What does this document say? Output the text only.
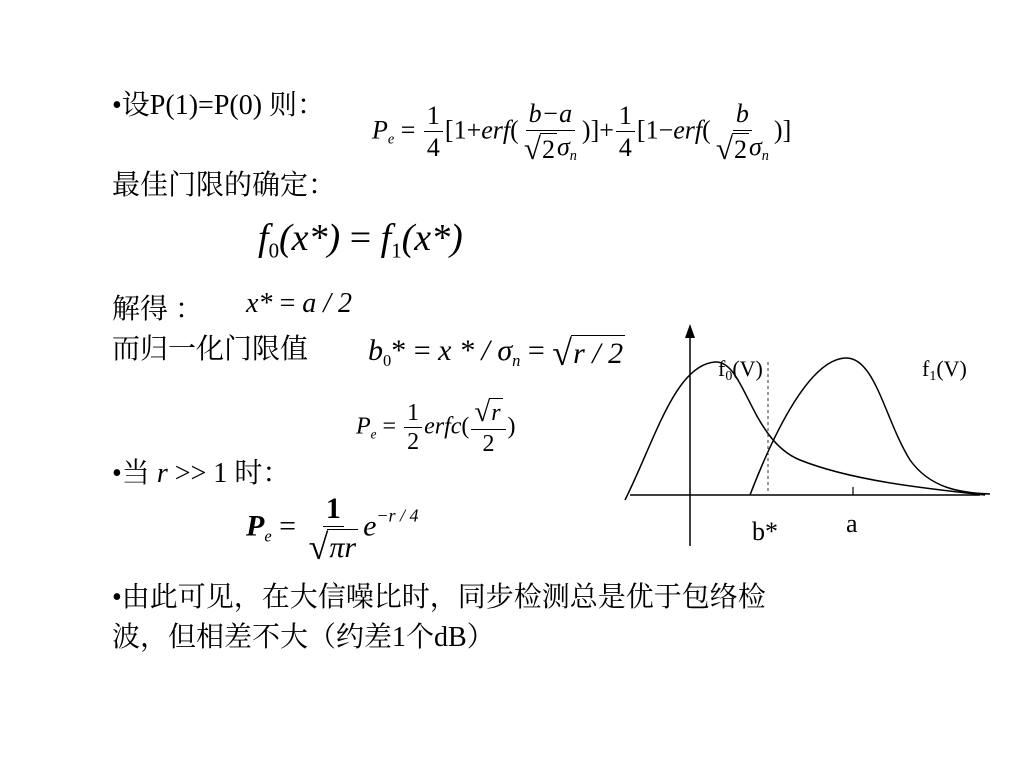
•设P(1)=P(0) 则：
$P_e = \frac{1}{4} [1+erf( \frac{b-a}{√ 2 \sigma_n}$ )]+ $\frac{1}{4} [1-erf( \frac{b}{√ 2 \sigma_n}$ )]
最佳门限的确定：
$f_0(x*) = f_1(x*)$
解得 ： x* = a / 2
而归一化门限值 $b_0* = x$ * / $\sigma_n$ = √ r / 2
$P_e = \frac{1}{2}$ erfc( $\frac{√ r}{2}$ )
•当 r >> 1 时：
$P_e = \frac{1}{√ \pi r} e^{-r / 4}$
•由此可见，在大信噪比时，同步检测总是优于包络检
波，但相差不大（约差1个dB）
f0(V)	f1(V)
b*	a
